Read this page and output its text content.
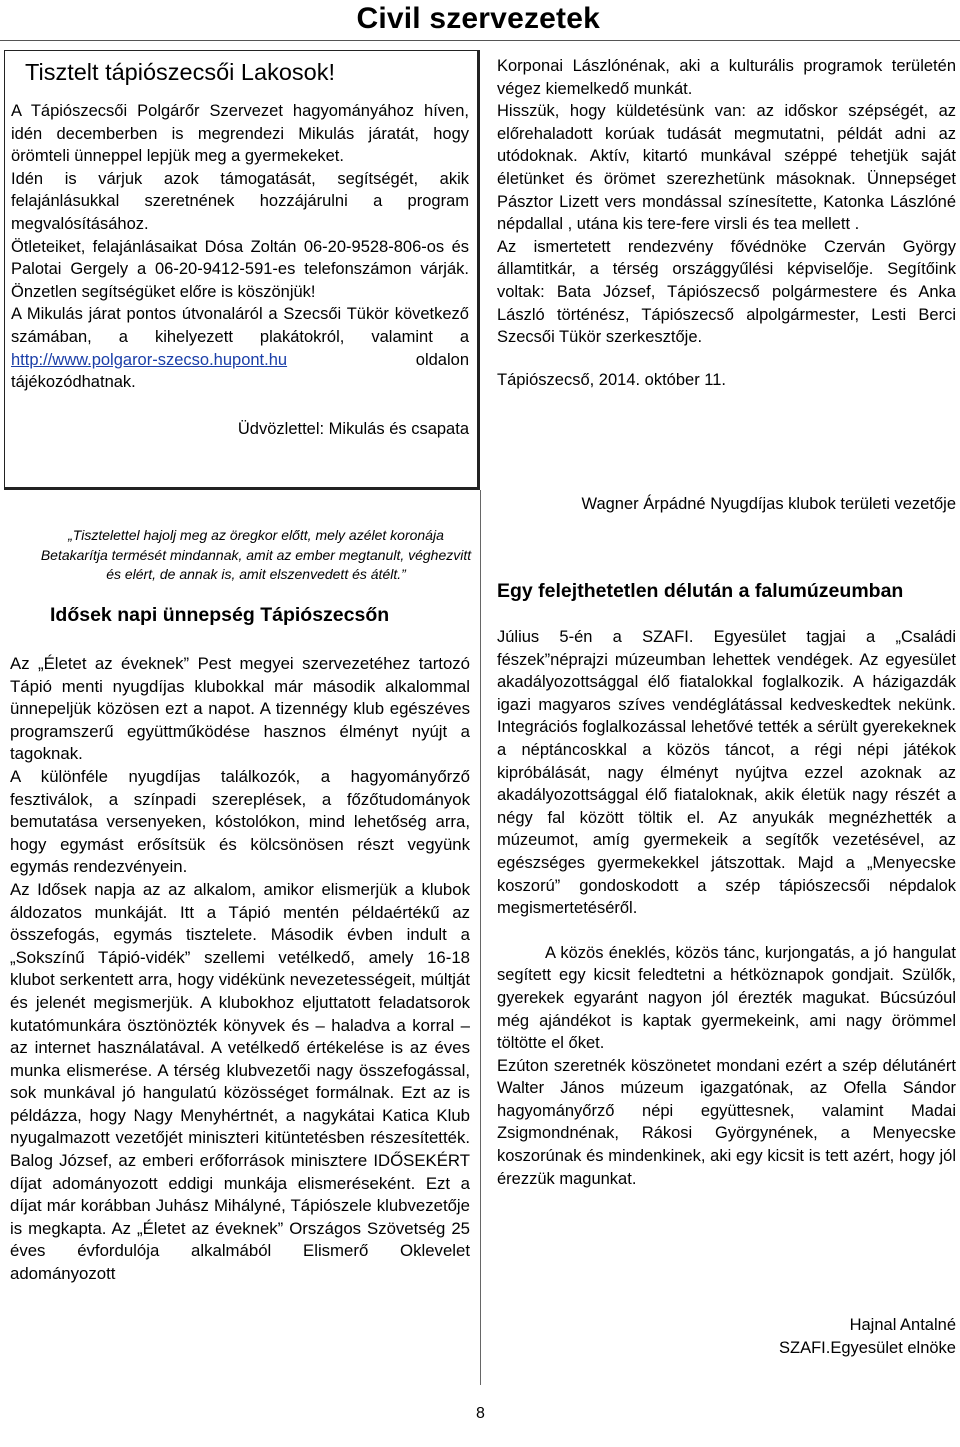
Civil szervezetek
Tisztelt tápiószecsői Lakosok!

A Tápiószecsői Polgárőr Szervezet hagyományához híven, idén decemberben is megrendezi Mikulás járatát, hogy örömteli ünneppel lepjük meg a gyermekeket.

Idén is várjuk azok támogatását, segítségét, akik felajánlásukkal szeretnének hozzájárulni a program megvalósításához.

Ötleteiket, felajánlásaikat Dósa Zoltán 06-20-9528-806-os és Palotai Gergely a 06-20-9412-591-es telefonszámon várják. Önzetlen segítségüket előre is köszönjük!

A Mikulás járat pontos útvonaláról a Szecsői Tükör következő számában, a kihelyezett plakátokról, valamint a http://www.polgaror-szecso.hupont.hu	oldalon tájékozódhatnak.

Üdvözlettel: Mikulás és csapata
„Tisztelettel hajolj meg az öregkor előtt, mely azélet koronája Betakarítja termését mindannak, amit az ember megtanult, véghezvitt és elért, de annak is, amit elszenvedett és átélt.”
Idősek napi ünnepség Tápiószecsőn

Az „Életet az éveknek” Pest megyei szervezetéhez tartozó Tápió menti nyugdíjas klubokkal már második alkalommal ünnepeljük közösen ezt a napot. A tizennégy klub egészéves programszerű együttműködése hasznos élményt nyújt a tagoknak.

A különféle nyugdíjas találkozók, a hagyományőrző fesztiválok, a színpadi szereplések, a főzőtudományok bemutatása versenyeken, kóstolókon, mind lehetőség arra, hogy egymást erősítsük és kölcsönösen részt vegyünk egymás rendezvényein.

Az Idősek napja az az alkalom, amikor elismerjük a klubok áldozatos munkáját. Itt a Tápió mentén példaértékű az összefogás, egymás tisztelete. Második évben indult a „Sokszínű Tápió-vidék” szellemi vetélkedő, amely 16-18 klubot serkentett arra, hogy vidékünk nevezetességeit, múltját és jelenét megismerjük. A klubokhoz eljuttatott feladatsorok kutatómunkára ösztönözték könyvek és – haladva a korral – az internet használatával. A vetélkedő értékelése is az éves munka elismerése. A térség klubvezetői nagy összefogással, sok munkával jó hangulatú közösséget formálnak. Ezt az is példázza, hogy Nagy Menyhértnét, a nagykátai Katica Klub nyugalmazott vezetőjét miniszteri kitüntetésben részesítették. Balog József, az emberi erőforrások minisztere IDŐSEKÉRT díjat adományozott eddigi munkája elismeréseként. Ezt a díjat már korábban Juhász Mihályné, Tápiószele klubvezetője is megkapta. Az „Életet az éveknek” Országos Szövetség 25 éves évfordulója alkalmából Elismerő Oklevelet adományozott

Korponai Lászlónénak, aki a kulturális programok területén végez kiemelkedő munkát.

Hisszük, hogy küldetésünk van: az időskor szépségét, az előrehaladott korúak tudását megmutatni, példát adni az utódoknak. Aktív, kitartó munkával széppé tehetjük saját életünket és örömet szerezhetünk másoknak. Ünnepséget Pásztor Lizett vers mondással színesítette, Katonka Lászlóné népdallal , utána kis tere-fere virsli és tea mellett .

Az ismertetett rendezvény fővédnöke Czerván György államtitkár, a térség országgyűlési képviselője. Segítőink voltak: Bata József, Tápiószecső polgármestere és Anka László történész, Tápiószecső alpolgármester, Lesti Berci Szecsői Tükör szerkesztője.

Tápiószecső, 2014. október 11.

Wagner Árpádné Nyugdíjas klubok területi vezetője
Egy felejthetetlen délután a falumúzeumban

Július 5-én a SZAFI. Egyesület tagjai a „Családi fészek”néprajzi múzeumban lehettek vendégek. Az egyesület akadályozottsággal élő fiatalokkal foglalkozik. A házigazdák igazi magyaros szíves vendéglátással kedveskedtek nekünk. Integrációs foglalkozással lehetővé tették a sérült gyerekeknek a néptáncoskkal a közös táncot, a régi népi játékok kipróbálását, nagy élményt nyújtva ezzel azoknak az akadályozottsággal élő fiataloknak, akik életük nagy részét a négy fal között töltik el. Az anyukák megnézhették a múzeumot, amíg gyermekeik a segítők vezetésével, az egészséges gyermekekkel játszottak. Majd a „Menyecske koszorú” gondoskodott a szép tápiószecsői népdalok megismertetéséről.

A közös éneklés, közös tánc, kurjongatás, a jó hangulat segített egy kicsit feledtetni a hétköznapok gondjait. Szülők, gyerekek egyaránt nagyon jól érezték magukat. Búcsúzóul még ajándékot is kaptak gyermekeink, ami nagy örömmel töltötte el őket.

Ezúton szeretnék köszönetet mondani ezért a szép délutánért Walter János múzeum igazgatónak, az Ofella Sándor hagyományőrző népi együttesnek, valamint Madai Zsigmondnénak, Rákosi Györgynének, a Menyecske koszorúnak és mindenkinek, aki egy kicsit is tett azért, hogy jól érezzük magunkat.

Hajnal Antalné
SZAFI.Egyesület elnöke
8
